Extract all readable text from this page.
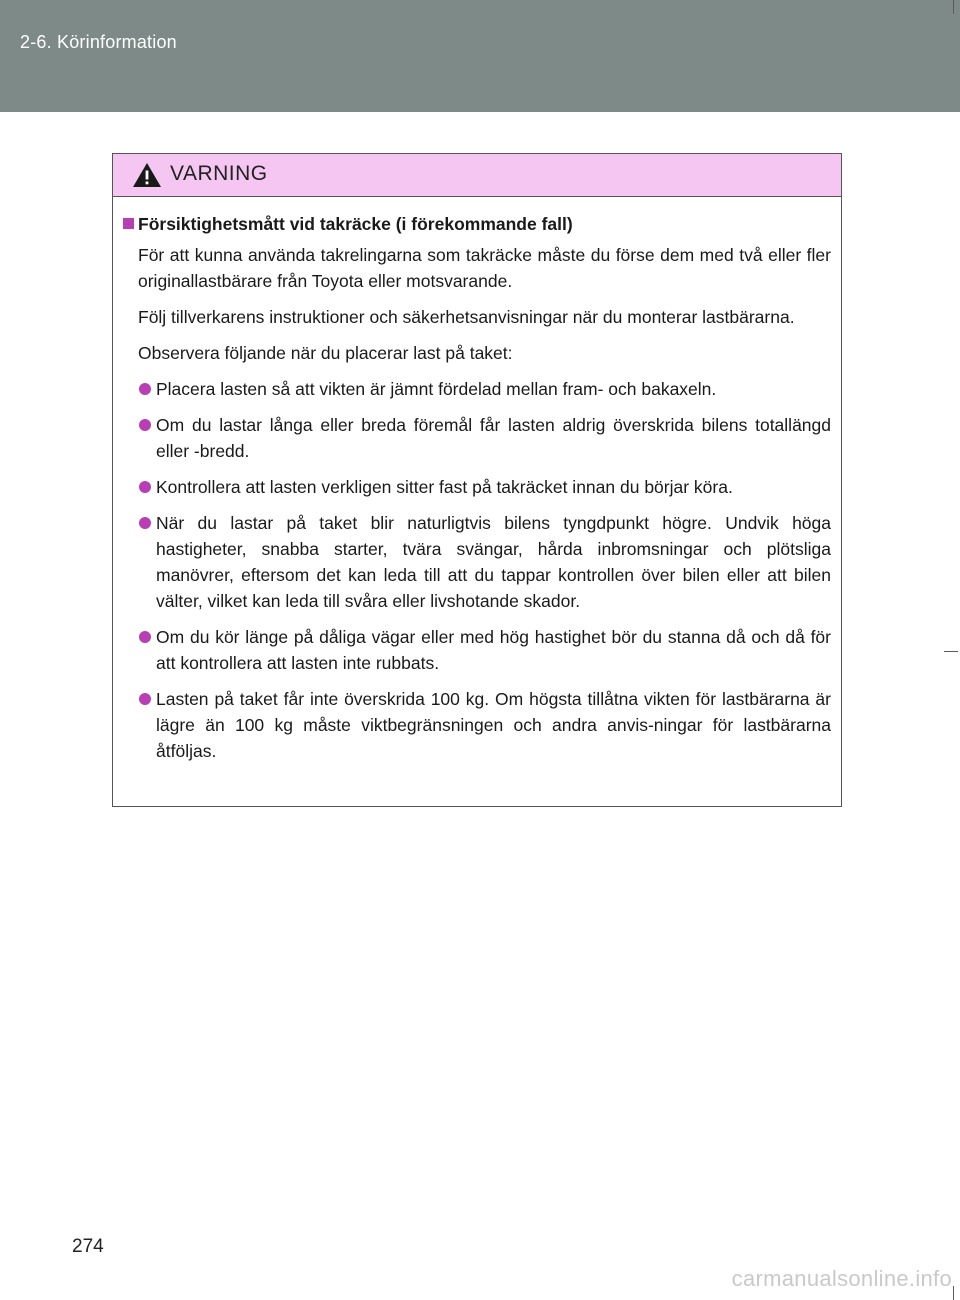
2-6. Körinformation
VARNING
Försiktighetsmått vid takräcke (i förekommande fall)
För att kunna använda takrelingarna som takräcke måste du förse dem med två eller fler originallastbärare från Toyota eller motsvarande.
Följ tillverkarens instruktioner och säkerhetsanvisningar när du monterar lastbärarna.
Observera följande när du placerar last på taket:
Placera lasten så att vikten är jämnt fördelad mellan fram- och bakaxeln.
Om du lastar långa eller breda föremål får lasten aldrig överskrida bilens totallängd eller -bredd.
Kontrollera att lasten verkligen sitter fast på takräcket innan du börjar köra.
När du lastar på taket blir naturligtvis bilens tyngdpunkt högre. Undvik höga hastigheter, snabba starter, tvära svängar, hårda inbromsningar och plötsliga manövrer, eftersom det kan leda till att du tappar kontrollen över bilen eller att bilen välter, vilket kan leda till svåra eller livshotande skador.
Om du kör länge på dåliga vägar eller med hög hastighet bör du stanna då och då för att kontrollera att lasten inte rubbats.
Lasten på taket får inte överskrida 100 kg. Om högsta tillåtna vikten för lastbärarna är lägre än 100 kg måste viktbegränsningen och andra anvis-ningar för lastbärarna åtföljas.
274
carmanualsonline.info
